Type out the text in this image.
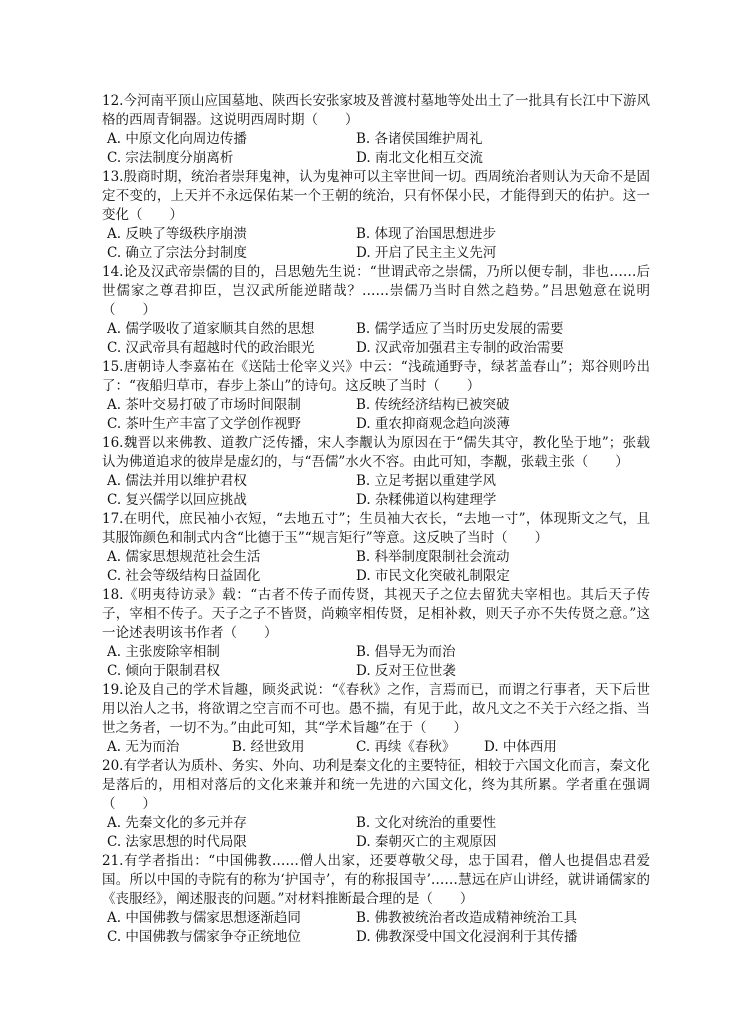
12.今河南平顶山应国墓地、陕西长安张家坡及普渡村墓地等处出土了一批具有长江中下游风格的西周青铜器。这说明西周时期（　　）

A. 中原文化向周边传播	B. 各诸侯国维护周礼
C. 宗法制度分崩离析	D. 南北文化相互交流

13.殷商时期，统治者崇拜鬼神，认为鬼神可以主宰世间一切。西周统治者则认为天命不是固定不变的，上天并不永远保佑某一个王朝的统治，只有怀保小民，才能得到天的佑护。这一变化（　　）

A. 反映了等级秩序崩溃	B. 体现了治国思想进步
C. 确立了宗法分封制度	D. 开启了民主主义先河

14.论及汉武帝崇儒的目的，吕思勉先生说：“世谓武帝之崇儒，乃所以便专制，非也……后世儒家之尊君抑臣，岂汉武所能逆睹哉？……崇儒乃当时自然之趋势。”吕思勉意在说明（　　）

A. 儒学吸收了道家顺其自然的思想	B. 儒学适应了当时历史发展的需要
C. 汉武帝具有超越时代的政治眼光	D. 汉武帝加强君主专制的政治需要

15.唐朝诗人李嘉祐在《送陆士伦宰义兴》中云：“浅疏通野寺，绿茗盖春山”；郑谷则吟出了：“夜船归草市，春步上茶山”的诗句。这反映了当时（　　）

A. 茶叶交易打破了市场时间限制	B. 传统经济结构已被突破
C. 茶叶生产丰富了文学创作视野	D. 重农抑商观念趋向淡薄

16.魏晋以来佛教、道教广泛传播，宋人李觏认为原因在于“儒失其守，教化坠于地”；张载认为佛道追求的彼岸是虚幻的，与“吾儒”水火不容。由此可知，李觏，张载主张（　　）

A. 儒法并用以维护君权	B. 立足考据以重建学风
C. 复兴儒学以回应挑战	D. 杂糅佛道以构建理学

17.在明代，庶民袖小衣短，“去地五寸”；生员袖大衣长，“去地一寸”，体现斯文之气，且其服饰颜色和制式内含“比德于玉”“规言矩行”等意。这反映了当时（　　）

A. 儒家思想规范社会生活	B. 科举制度限制社会流动
C. 社会等级结构日益固化	D. 市民文化突破礼制限定

18.《明夷待访录》载：“古者不传子而传贤，其视天子之位去留犹夫宰相也。其后天子传子，宰相不传子。天子之子不皆贤，尚赖宰相传贤，足相补救，则天子亦不失传贤之意。”这一论述表明该书作者（　　）

A. 主张废除宰相制	B. 倡导无为而治
C. 倾向于限制君权	D. 反对王位世袭

19.论及自己的学术旨趣，顾炎武说：“《春秋》之作，言焉而已，而谓之行事者，天下后世用以治人之书，将欲谓之空言而不可也。愚不揣，有见于此，故凡文之不关于六经之指、当世之务者，一切不为。”由此可知，其“学术旨趣”在于（　　）

A. 无为而治	B. 经世致用	C. 再续《春秋》 D. 中体西用

20.有学者认为质朴、务实、外向、功利是秦文化的主要特征，相较于六国文化而言，秦文化是落后的，用相对落后的文化来兼并和统一先进的六国文化，终为其所累。学者重在强调（　　）

A. 先秦文化的多元并存	B. 文化对统治的重要性
C. 法家思想的时代局限	D. 秦朝灭亡的主观原因

21.有学者指出：“中国佛教……僧人出家，还要尊敬父母，忠于国君，僧人也提倡忠君爱国。所以中国的寺院有的称为‘护国寺’，有的称报国寺’……慧远在庐山讲经，就讲诵儒家的《丧服经》，阐述服丧的问题。”对材料推断最合理的是（　　）

A. 中国佛教与儒家思想逐渐趋同	B. 佛教被统治者改造成精神统治工具
C. 中国佛教与儒家争夺正统地位	D. 佛教深受中国文化浸润利于其传播
